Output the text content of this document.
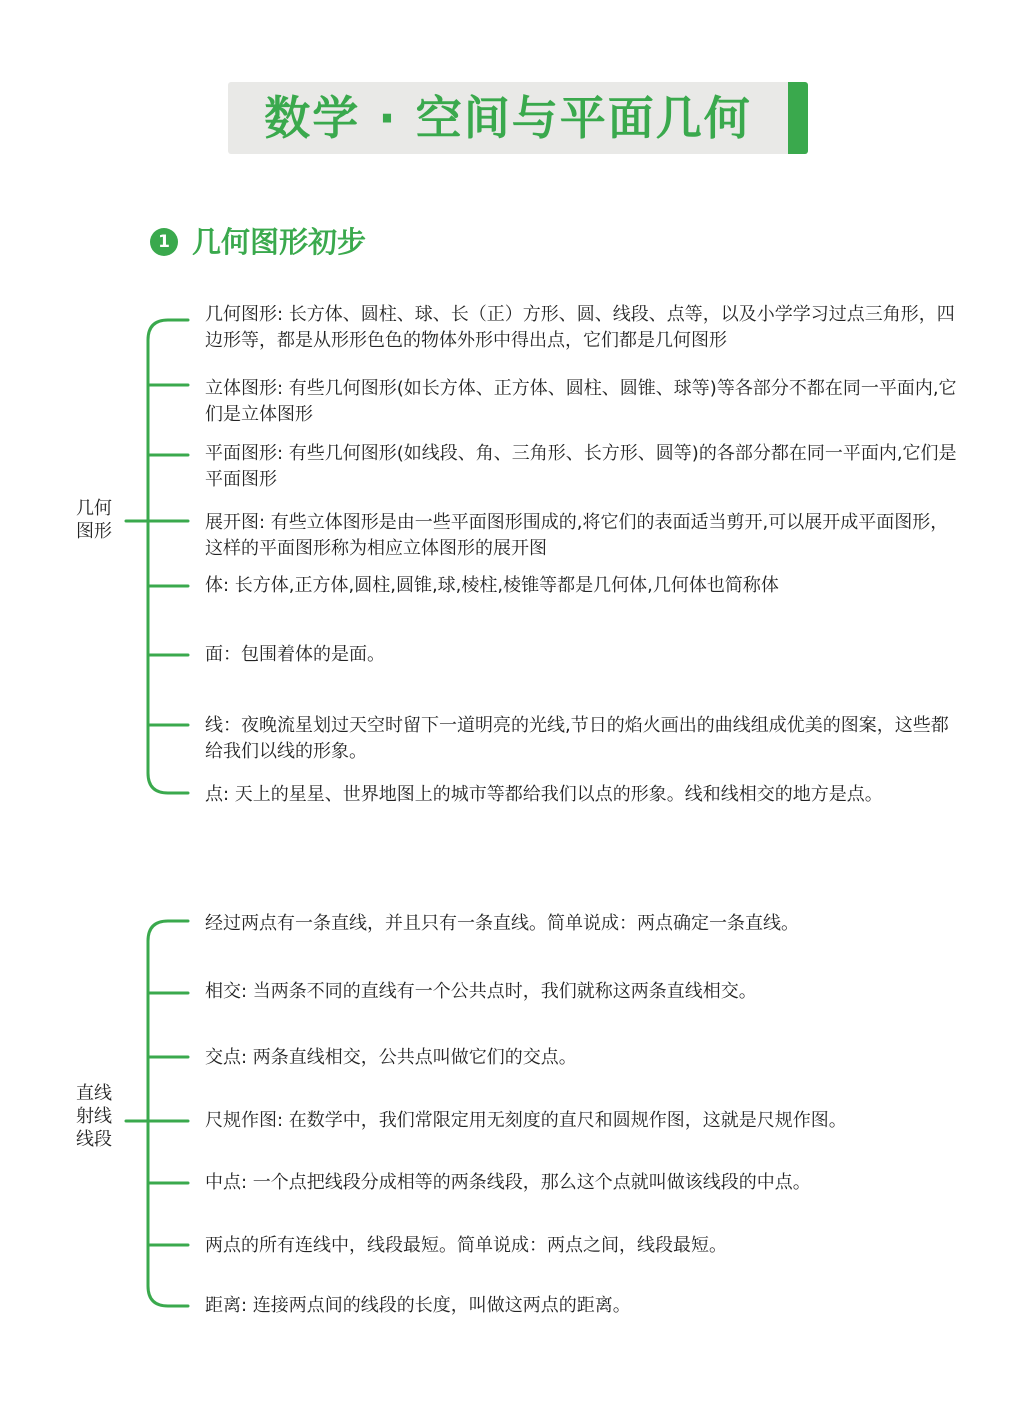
数学 · 空间与平面几何
1 几何图形初步
几何
图形
直线
射线
线段
几何图形: 长方体、圆柱、球、长（正）方形、圆、线段、点等，以及小学学习过点三角形，四边形等，都是从形形色色的物体外形中得出点，它们都是几何图形
立体图形: 有些几何图形(如长方体、正方体、圆柱、圆锥、球等)等各部分不都在同一平面内,它们是立体图形
平面图形: 有些几何图形(如线段、角、三角形、长方形、圆等)的各部分都在同一平面内,它们是平面图形
展开图: 有些立体图形是由一些平面图形围成的,将它们的表面适当剪开,可以展开成平面图形，这样的平面图形称为相应立体图形的展开图
体: 长方体,正方体,圆柱,圆锥,球,棱柱,棱锥等都是几何体,几何体也简称体
面：包围着体的是面。
线：夜晚流星划过天空时留下一道明亮的光线,节日的焰火画出的曲线组成优美的图案，这些都给我们以线的形象。
点: 天上的星星、世界地图上的城市等都给我们以点的形象。线和线相交的地方是点。
经过两点有一条直线，并且只有一条直线。简单说成：两点确定一条直线。
相交: 当两条不同的直线有一个公共点时，我们就称这两条直线相交。
交点: 两条直线相交，公共点叫做它们的交点。
尺规作图: 在数学中，我们常限定用无刻度的直尺和圆规作图，这就是尺规作图。
中点: 一个点把线段分成相等的两条线段，那么这个点就叫做该线段的中点。
两点的所有连线中，线段最短。简单说成：两点之间，线段最短。
距离: 连接两点间的线段的长度，叫做这两点的距离。
